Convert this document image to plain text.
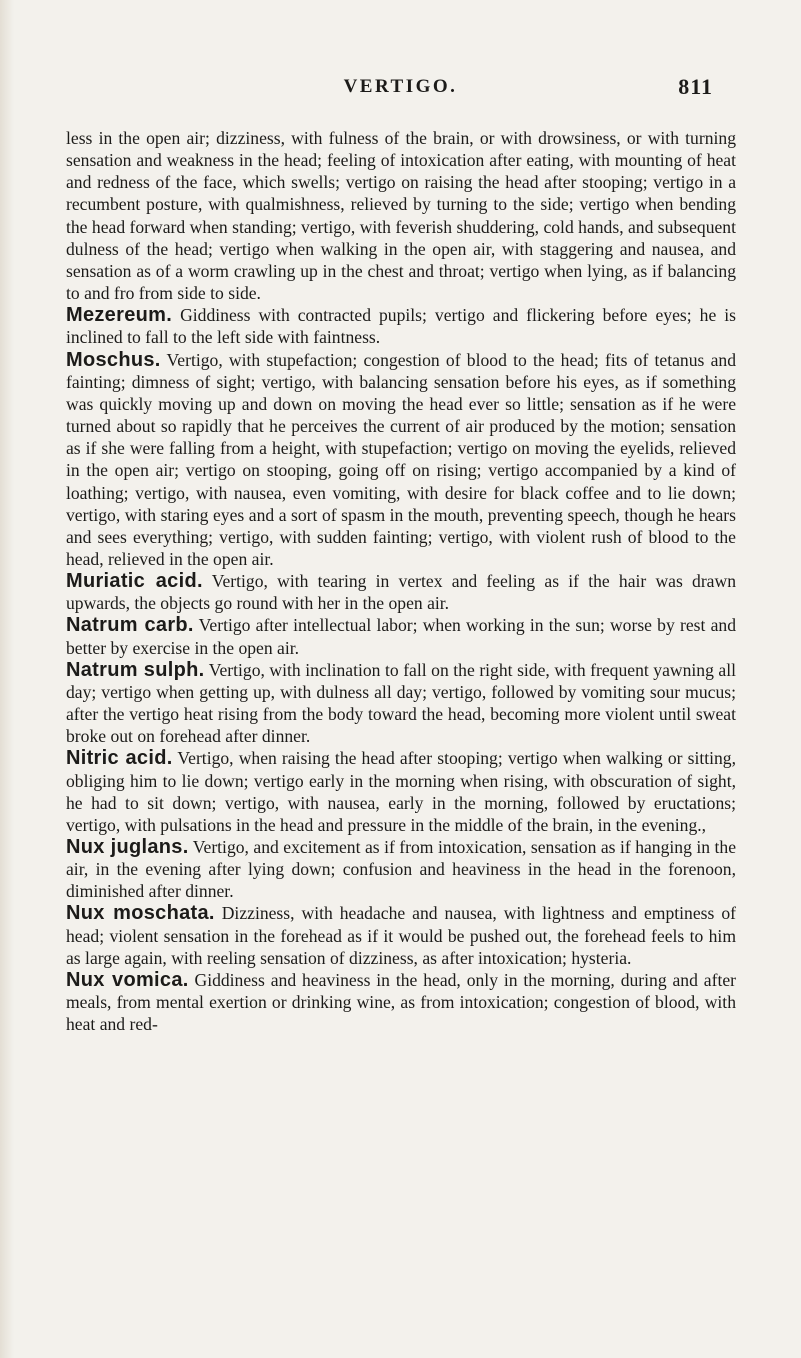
VERTIGO.	811

less in the open air; dizziness, with fulness of the brain, or with drowsiness, or with turning sensation and weakness in the head; feeling of intoxication after eating, with mounting of heat and redness of the face, which swells; vertigo on raising the head after stooping; vertigo in a recumbent posture, with qualmishness, relieved by turning to the side; vertigo when bending the head forward when standing; vertigo, with feverish shuddering, cold hands, and subsequent dulness of the head; vertigo when walking in the open air, with staggering and nausea, and sensation as of a worm crawling up in the chest and throat; vertigo when lying, as if balancing to and fro from side to side.

Mezereum. Giddiness with contracted pupils; vertigo and flickering before eyes; he is inclined to fall to the left side with faintness.

Moschus. Vertigo, with stupefaction; congestion of blood to the head; fits of tetanus and fainting; dimness of sight; vertigo, with balancing sensation before his eyes, as if something was quickly moving up and down on moving the head ever so little; sensation as if he were turned about so rapidly that he perceives the current of air produced by the motion; sensation as if she were falling from a height, with stupefaction; vertigo on moving the eyelids, relieved in the open air; vertigo on stooping, going off on rising; vertigo accompanied by a kind of loathing; vertigo, with nausea, even vomiting, with desire for black coffee and to lie down; vertigo, with staring eyes and a sort of spasm in the mouth, preventing speech, though he hears and sees everything; vertigo, with sudden fainting; vertigo, with violent rush of blood to the head, relieved in the open air.

Muriatic acid. Vertigo, with tearing in vertex and feeling as if the hair was drawn upwards, the objects go round with her in the open air.

Natrum carb. Vertigo after intellectual labor; when working in the sun; worse by rest and better by exercise in the open air.

Natrum sulph. Vertigo, with inclination to fall on the right side, with frequent yawning all day; vertigo when getting up, with dulness all day; vertigo, followed by vomiting sour mucus; after the vertigo heat rising from the body toward the head, becoming more violent until sweat broke out on forehead after dinner.

Nitric acid. Vertigo, when raising the head after stooping; vertigo when walking or sitting, obliging him to lie down; vertigo early in the morning when rising, with obscuration of sight, he had to sit down; vertigo, with nausea, early in the morning, followed by eructations; vertigo, with pulsations in the head and pressure in the middle of the brain, in the evening.,

Nux juglans. Vertigo, and excitement as if from intoxication, sensation as if hanging in the air, in the evening after lying down; confusion and heaviness in the head in the forenoon, diminished after dinner.

Nux moschata. Dizziness, with headache and nausea, with lightness and emptiness of head; violent sensation in the forehead as if it would be pushed out, the forehead feels to him as large again, with reeling sensation of dizziness, as after intoxication; hysteria.

Nux vomica. Giddiness and heaviness in the head, only in the morning, during and after meals, from mental exertion or drinking wine, as from intoxication; congestion of blood, with heat and red-
